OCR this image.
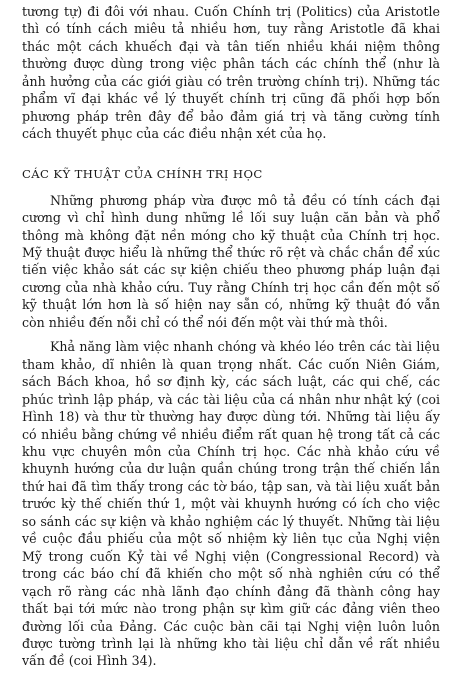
tương tự) đi đôi với nhau. Cuốn Chính trị (Politics) của Aristotle thì có tính cách miêu tả nhiều hơn, tuy rằng Aristotle đã khai thác một cách khuếch đại và tân tiến nhiều khái niệm thông thường được dùng trong việc phân tách các chính thể (như là ảnh hưởng của các giới giàu có trên trường chính trị). Những tác phẩm vĩ đại khác về lý thuyết chính trị cũng đã phối hợp bốn phương pháp trên đây để bảo đảm giá trị và tăng cường tính cách thuyết phục của các điều nhận xét của họ.

CÁC KỸ THUẬT CỦA CHÍNH TRỊ HỌC

Những phương pháp vừa được mô tả đều có tính cách đại cương vì chỉ hình dung những lề lối suy luận căn bản và phổ thông mà không đặt nền móng cho kỹ thuật của Chính trị học. Mỹ thuật được hiểu là những thể thức rõ rệt và chắc chắn để xúc tiến việc khảo sát các sự kiện chiếu theo phương pháp luận đại cương của nhà khảo cứu. Tuy rằng Chính trị học cần đến một số kỹ thuật lớn hơn là số hiện nay sẵn có, những kỹ thuật đó vẫn còn nhiều đến nỗi chỉ có thể nói đến một vài thứ mà thôi.

Khả năng làm việc nhanh chóng và khéo léo trên các tài liệu tham khảo, dĩ nhiên là quan trọng nhất. Các cuốn Niên Giám, sách Bách khoa, hồ sơ định kỳ, các sách luật, các qui chế, các phúc trình lập pháp, và các tài liệu của cá nhân như nhật ký (coi Hình 18) và thư từ thường hay được dùng tới. Những tài liệu ấy có nhiều bằng chứng về nhiều điểm rất quan hệ trong tất cả các khu vực chuyên môn của Chính trị học. Các nhà khảo cứu về khuynh hướng của dư luận quần chúng trong trận thế chiến lần thứ hai đã tìm thấy trong các tờ báo, tập san, và tài liệu xuất bản trước kỳ thế chiến thứ 1, một vài khuynh hướng có ích cho việc so sánh các sự kiện và khảo nghiệm các lý thuyết. Những tài liệu về cuộc đầu phiếu của một số nhiệm kỳ liên tục của Nghị viện Mỹ trong cuốn Kỷ tài về Nghị viện (Congressional Record) và trong các báo chí đã khiến cho một số nhà nghiên cứu có thể vạch rõ ràng các nhà lãnh đạo chính đảng đã thành công hay thất bại tới mức nào trong phận sự kìm giữ các đảng viên theo đường lối của Đảng. Các cuộc bàn cãi tại Nghị viện luôn luôn được tường trình lại là những kho tài liệu chỉ dẫn về rất nhiều vấn đề (coi Hình 34).
